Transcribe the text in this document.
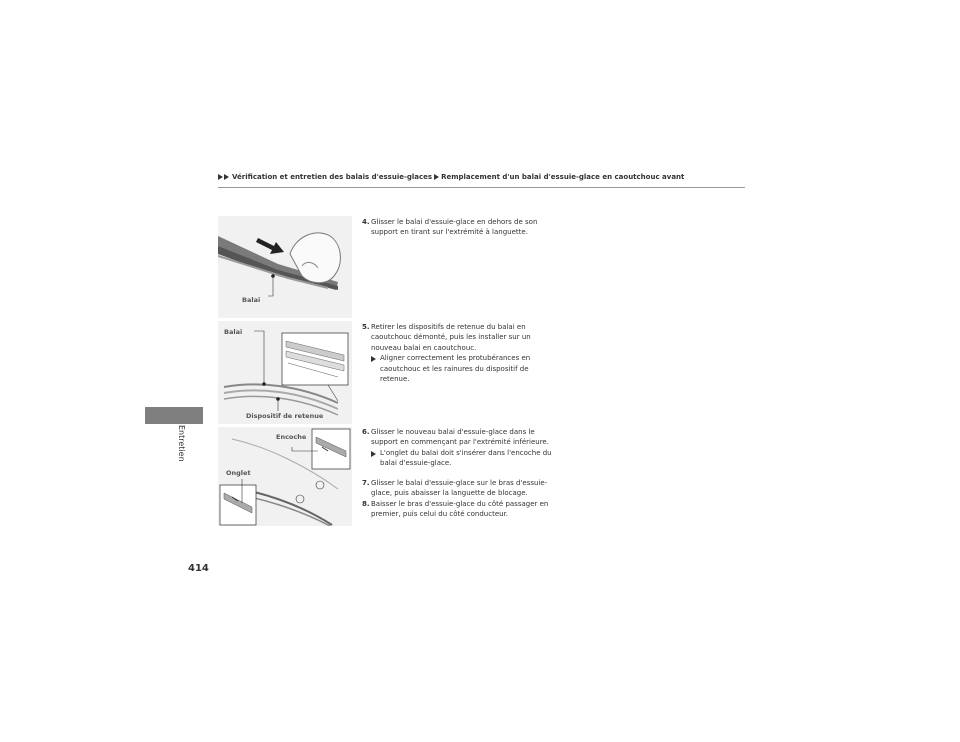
Vérification et entretien des balais d'essuie-glaces Remplacement d'un balai d'essuie-glace en caoutchouc avant
Entretien
414
Balai
Balai
Dispositif de retenue
Encoche
Onglet
4. Glisser le balai d'essuie-glace en dehors de son support en tirant sur l'extrémité à languette.
5. Retirer les dispositifs de retenue du balai en caoutchouc démonté, puis les installer sur un nouveau balai en caoutchouc.
Aligner correctement les protubérances en caoutchouc et les rainures du dispositif de retenue.
6. Glisser le nouveau balai d'essuie-glace dans le support en commençant par l'extrémité inférieure.
L'onglet du balai doit s'insérer dans l'encoche du balai d'essuie-glace.
7. Glisser le balai d'essuie-glace sur le bras d'essuie-glace, puis abaisser la languette de blocage.
8. Baisser le bras d'essuie-glace du côté passager en premier, puis celui du côté conducteur.
